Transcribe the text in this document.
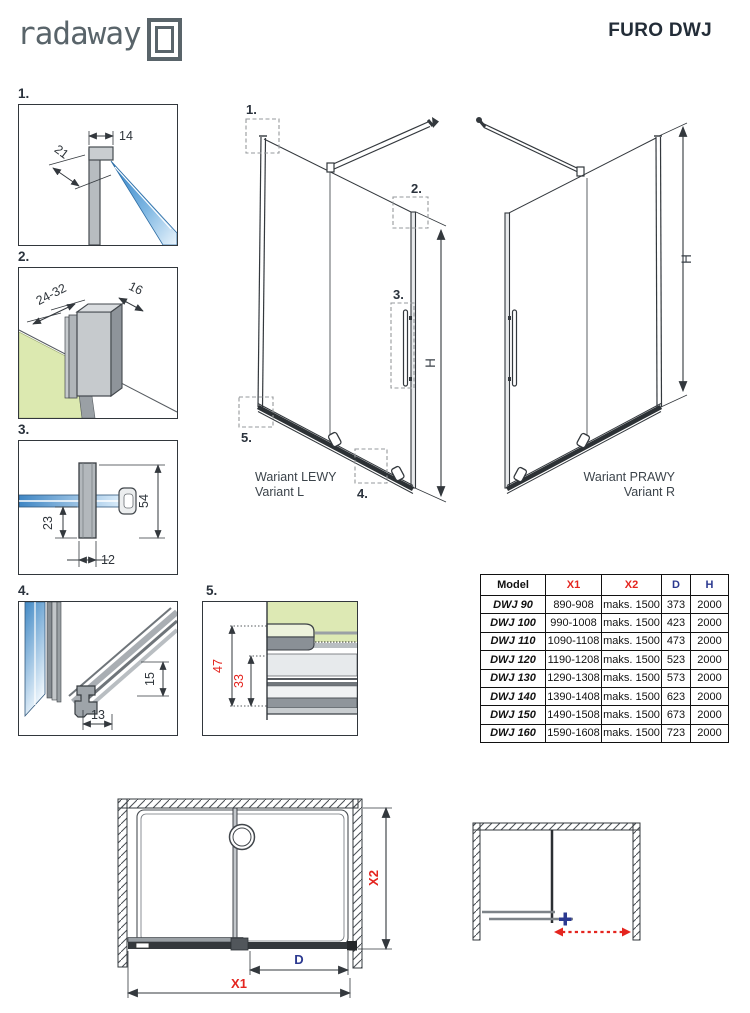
radaway	FURO DWJ
1.
2.
3.
4.	5.
14
21
24-32	16
23
12
54
13
15
47
33
H
1.
2.
3.
4.
5.
Wariant LEWY
Variant L
H
Wariant PRAWY
Variant R
Model	X1	X2	D	H
DWJ 90	890-908	maks. 1500	373	2000
DWJ 100	990-1008	maks. 1500	423	2000
DWJ 110	1090-1108	maks. 1500	473	2000
DWJ 120	1190-1208	maks. 1500	523	2000
DWJ 130	1290-1308	maks. 1500	573	2000
DWJ 140	1390-1408	maks. 1500	623	2000
DWJ 150	1490-1508	maks. 1500	673	2000
DWJ 160	1590-1608	maks. 1500	723	2000
X2
D
X1
